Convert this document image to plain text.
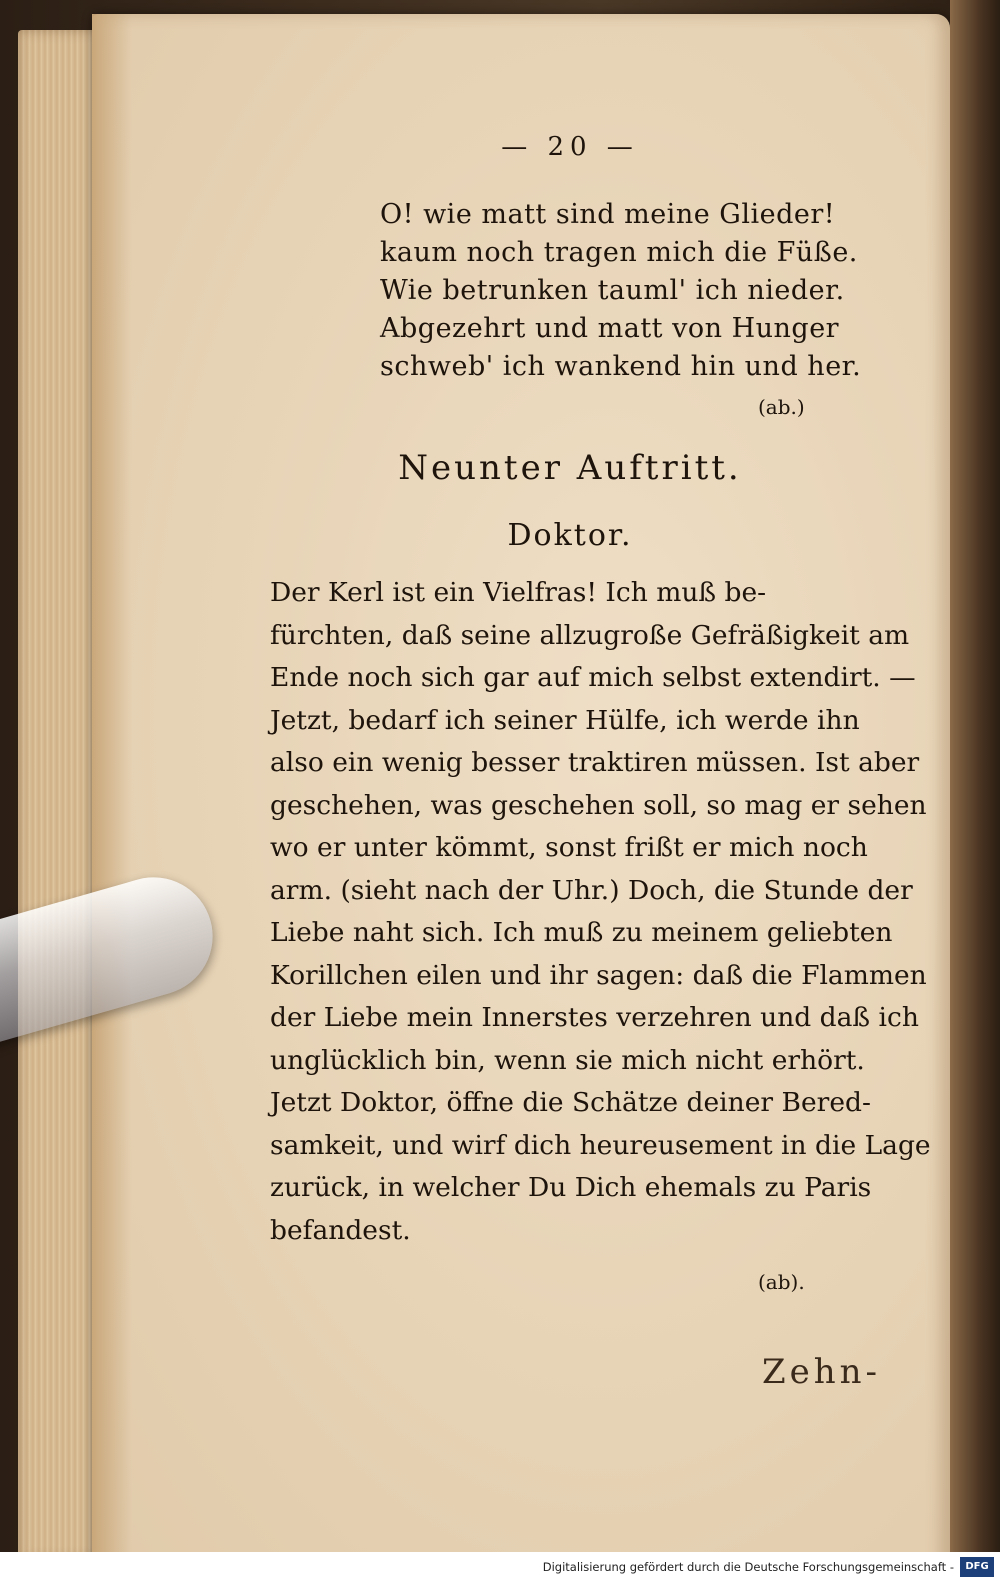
— 20 —
O! wie matt sind meine Glieder!
kaum noch tragen mich die Füße.
Wie betrunken tauml' ich nieder.
Abgezehrt und matt von Hunger
schweb' ich wankend hin und her.
(ab.)
Neunter Auftritt.
Doktor.
Der Kerl ist ein Vielfras! Ich muß be-
fürchten, daß seine allzugroße Gefräßigkeit am
Ende noch sich gar auf mich selbst extendirt. —
Jetzt, bedarf ich seiner Hülfe, ich werde ihn
also ein wenig besser traktiren müssen. Ist aber
geschehen, was geschehen soll, so mag er sehen
wo er unter kömmt, sonst frißt er mich noch
arm. (sieht nach der Uhr.) Doch, die Stunde der
Liebe naht sich. Ich muß zu meinem geliebten
Korillchen eilen und ihr sagen: daß die Flammen
der Liebe mein Innerstes verzehren und daß ich
unglücklich bin, wenn sie mich nicht erhört.
Jetzt Doktor, öffne die Schätze deiner Bered-
samkeit, und wirf dich heureusement in die Lage
zurück, in welcher Du Dich ehemals zu Paris
befandest.
(ab).
Zehn-
Digitalisierung gefördert durch die Deutsche Forschungsgemeinschaft -	DFG
